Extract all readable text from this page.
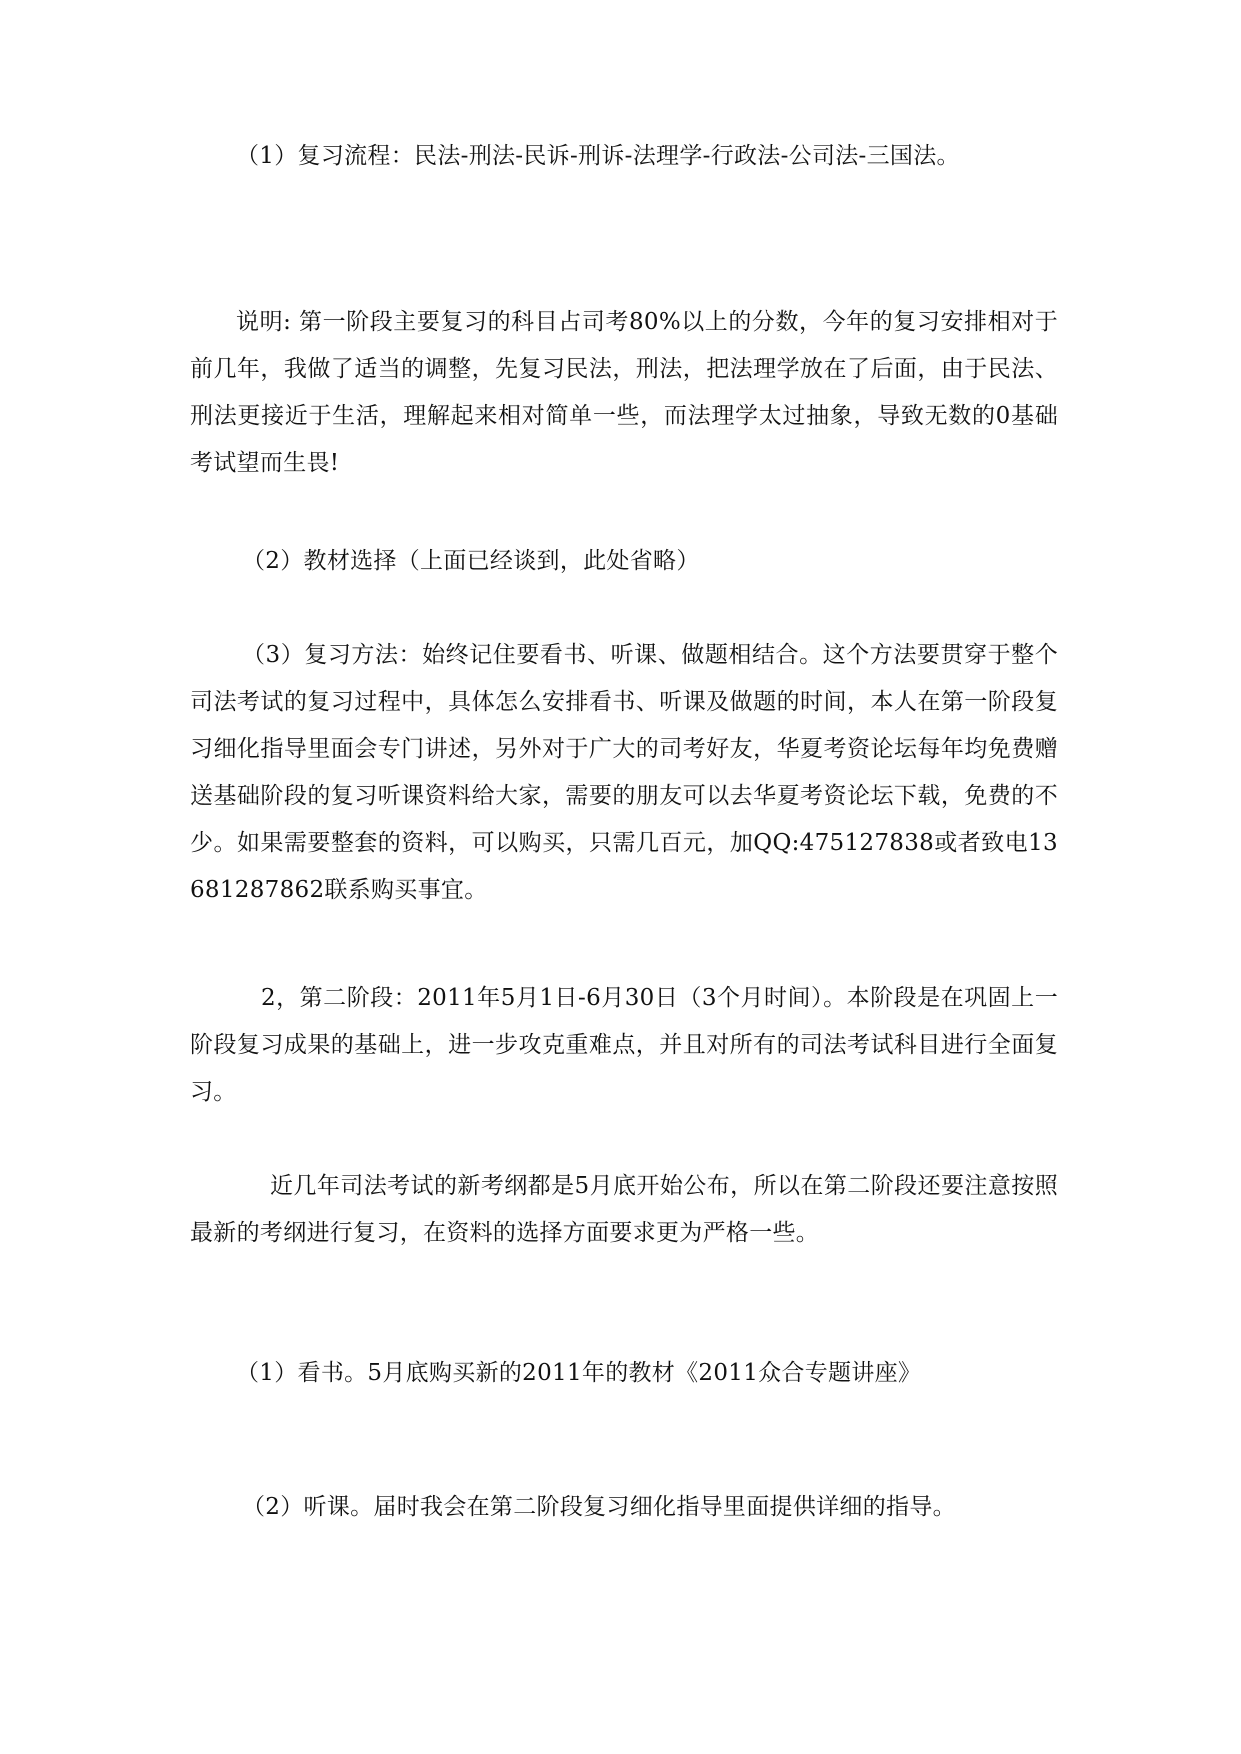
（1）复习流程：民法-刑法-民诉-刑诉-法理学-行政法-公司法-三国法。

说明: 第一阶段主要复习的科目占司考80%以上的分数，今年的复习安排相对于前几年，我做了适当的调整，先复习民法，刑法，把法理学放在了后面，由于民法、刑法更接近于生活，理解起来相对简单一些，而法理学太过抽象，导致无数的0基础考试望而生畏!

（2）教材选择（上面已经谈到，此处省略）

（3）复习方法：始终记住要看书、听课、做题相结合。这个方法要贯穿于整个司法考试的复习过程中，具体怎么安排看书、听课及做题的时间，本人在第一阶段复习细化指导里面会专门讲述，另外对于广大的司考好友，华夏考资论坛每年均免费赠送基础阶段的复习听课资料给大家，需要的朋友可以去华夏考资论坛下载，免费的不少。如果需要整套的资料，可以购买，只需几百元，加QQ:475127838或者致电13681287862联系购买事宜。

2，第二阶段：2011年5月1日-6月30日（3个月时间）。本阶段是在巩固上一阶段复习成果的基础上，进一步攻克重难点，并且对所有的司法考试科目进行全面复习。

近几年司法考试的新考纲都是5月底开始公布，所以在第二阶段还要注意按照最新的考纲进行复习，在资料的选择方面要求更为严格一些。

（1）看书。5月底购买新的2011年的教材《2011众合专题讲座》

（2）听课。届时我会在第二阶段复习细化指导里面提供详细的指导。
